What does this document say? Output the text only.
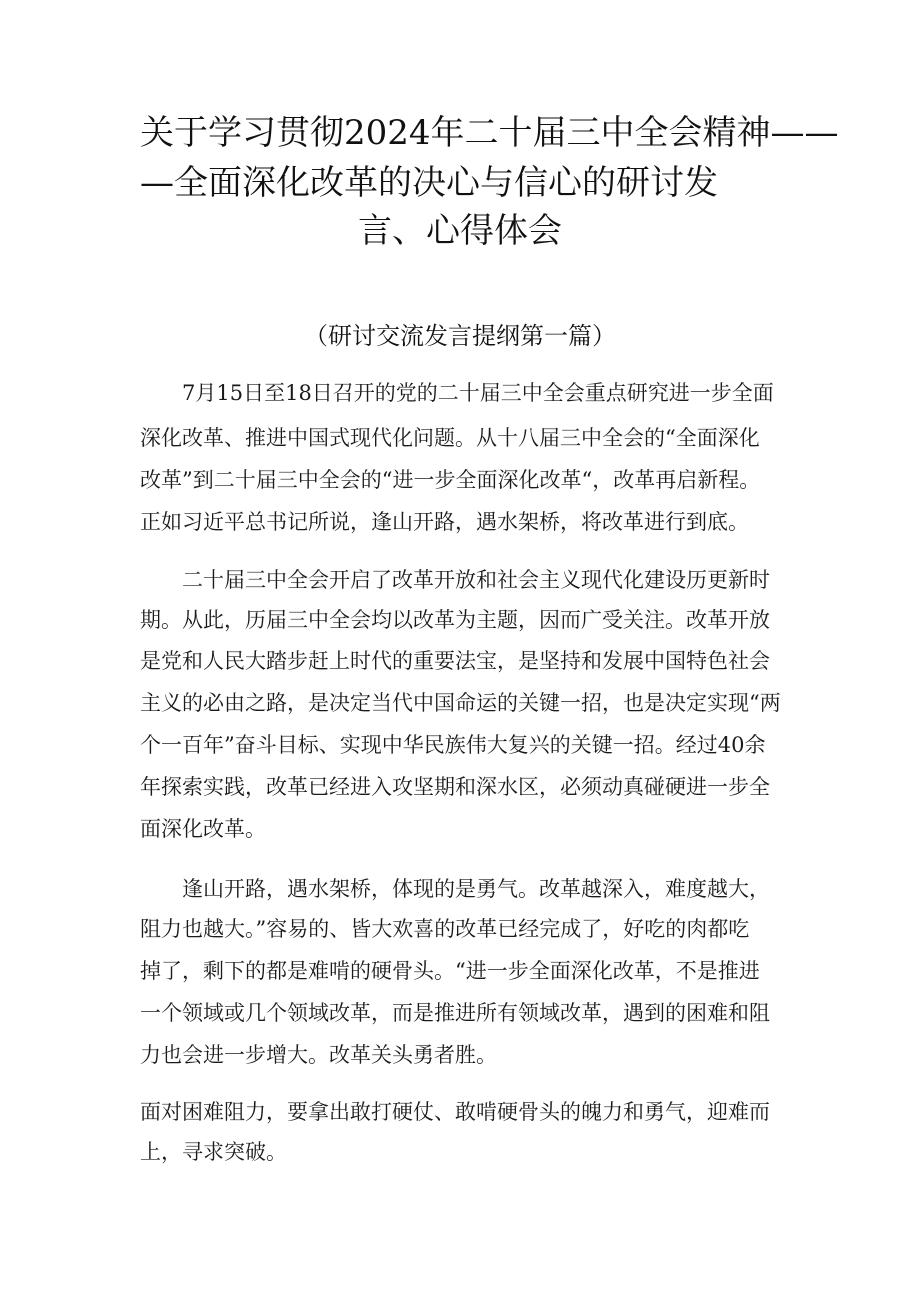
关于学习贯彻2024年二十届三中全会精神——
—全面深化改革的决心与信心的研讨发
言、心得体会
（研讨交流发言提纲第一篇）
7月15日至18日召开的党的二十届三中全会重点研究进一步全面
深化改革、推进中国式现代化问题。从十八届三中全会的“全面深化
改革”到二十届三中全会的“进一步全面深化改革“，改革再启新程。
正如习近平总书记所说，逢山开路，遇水架桥，将改革进行到底。
二十届三中全会开启了改革开放和社会主义现代化建设历更新时
期。从此，历届三中全会均以改革为主题，因而广受关注。改革开放
是党和人民大踏步赶上时代的重要法宝，是坚持和发展中国特色社会
主义的必由之路，是决定当代中国命运的关键一招，也是决定实现“两
个一百年”奋斗目标、实现中华民族伟大复兴的关键一招。经过40余
年探索实践，改革已经进入攻坚期和深水区，必须动真碰硬进一步全
面深化改革。
逢山开路，遇水架桥，体现的是勇气。改革越深入，难度越大，
阻力也越大。”容易的、皆大欢喜的改革已经完成了，好吃的肉都吃
掉了，剩下的都是难啃的硬骨头。“进一步全面深化改革，不是推进
一个领域或几个领域改革，而是推进所有领域改革，遇到的困难和阻
力也会进一步增大。改革关头勇者胜。
面对困难阻力，要拿出敢打硬仗、敢啃硬骨头的魄力和勇气，迎难而
上，寻求突破。
